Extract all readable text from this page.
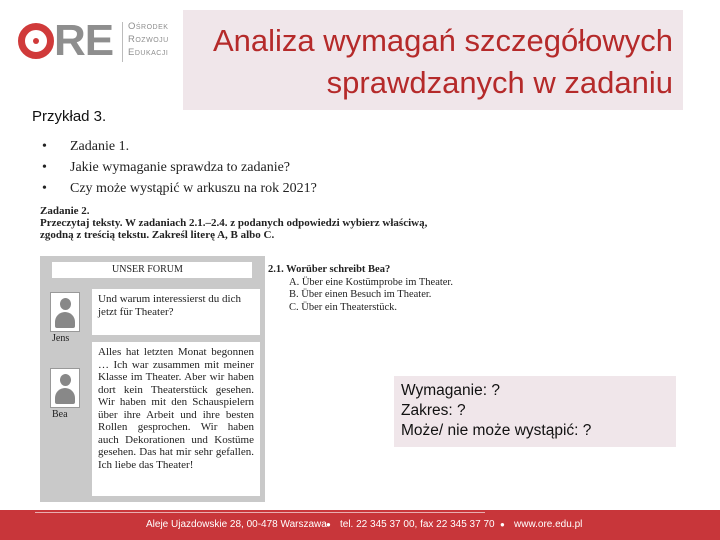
RE Ośrodek
Rozwoju
Edukacji	Analiza wymagań szczegółowych
sprawdzanych w zadaniu
Przykład 3.
• Zadanie 1.
• Jakie wymaganie sprawdza to zadanie?
• Czy może wystąpić w arkuszu na rok 2021?
Zadanie 2.
Przeczytaj teksty. W zadaniach 2.1.–2.4. z podanych odpowiedzi wybierz właściwą,
zgodną z treścią tekstu. Zakreśl literę A, B albo C.
UNSER FORUM
Jens
Und warum interessierst du dich jetzt für Theater?
Bea
Alles hat letzten Monat begonnen … Ich war zusammen mit meiner Klasse im Theater. Aber wir haben dort kein Theaterstück gesehen. Wir haben mit den Schauspielern über ihre Arbeit und ihre besten Rollen gesprochen. Wir haben auch Dekorationen und Kostüme gesehen. Das hat mir sehr gefallen. Ich liebe das Theater!
2.1. Worüber schreibt Bea?
A. Über eine Kostümprobe im Theater.
B. Über einen Besuch im Theater.
C. Über ein Theaterstück.
Wymaganie: ?
Zakres: ?
Może/ nie może wystąpić: ?
Aleje Ujazdowskie 28, 00-478 Warszawa ● tel. 22 345 37 00, fax 22 345 37 70 ● www.ore.edu.pl
